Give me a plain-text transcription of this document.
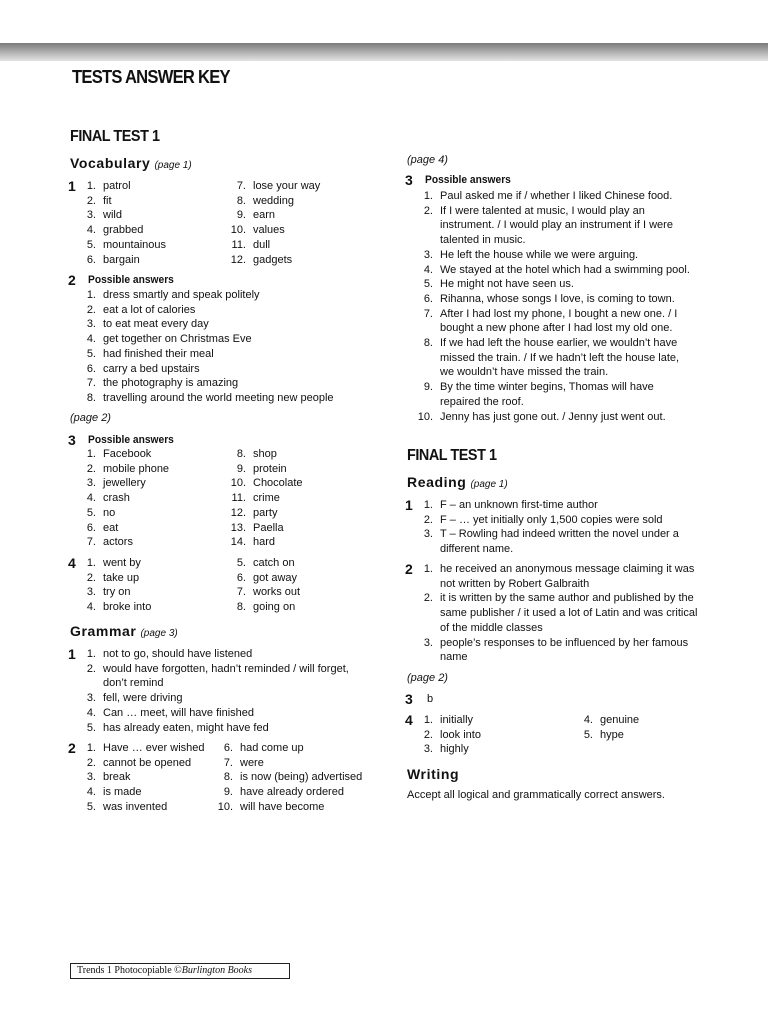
TESTS ANSWER KEY
FINAL TEST 1
Vocabulary (page 1)
1	1. patrol
2. fit
3. wild
4. grabbed
5. mountainous
6. bargain
7. lose your way
8. wedding
9. earn
10. values
11. dull
12. gadgets
2 Possible answers
1. dress smartly and speak politely
2. eat a lot of calories
3. to eat meat every day
4. get together on Christmas Eve
5. had finished their meal
6. carry a bed upstairs
7. the photography is amazing
8. travelling around the world meeting new people
(page 2)
3 Possible answers
1. Facebook
2. mobile phone
3. jewellery
4. crash
5. no
6. eat
7. actors
8. shop
9. protein
10. Chocolate
11. crime
12. party
13. Paella
14. hard
4	1. went by
2. take up
3. try on
4. broke into
5. catch on
6. got away
7. works out
8. going on
Grammar (page 3)
1	1. not to go, should have listened
2. would have forgotten, hadn’t reminded / will forget,
don’t remind
3. fell, were driving
4. Can … meet, will have finished
5. has already eaten, might have fed
2	1. Have … ever wished
2. cannot be opened
3. break
4. is made
5. was invented
6. had come up
7. were
8. is now (being) advertised
9. have already ordered
10. will have become
(page 4)
3 Possible answers
1. Paul asked me if / whether I liked Chinese food.
2. If I were talented at music, I would play an
instrument. / I would play an instrument if I were
talented in music.
3. He left the house while we were arguing.
4. We stayed at the hotel which had a swimming pool.
5. He might not have seen us.
6. Rihanna, whose songs I love, is coming to town.
7. After I had lost my phone, I bought a new one. / I
bought a new phone after I had lost my old one.
8. If we had left the house earlier, we wouldn’t have
missed the train. / If we hadn’t left the house late,
we wouldn’t have missed the train.
9. By the time winter begins, Thomas will have
repaired the roof.
10. Jenny has just gone out. / Jenny just went out.
FINAL TEST 1
Reading (page 1)
1	1. F – an unknown first-time author
2. F – … yet initially only 1,500 copies were sold
3. T – Rowling had indeed written the novel under a
different name.
2	1. he received an anonymous message claiming it was
not written by Robert Galbraith
2. it is written by the same author and published by the
same publisher / it used a lot of Latin and was critical
of the middle classes
3. people’s responses to be influenced by her famous
name
(page 2)
3 b
4	1. initially
2. look into
3. highly
4. genuine
5. hype
Writing
Accept all logical and grammatically correct answers.
Trends 1 Photocopiable ©Burlington Books
